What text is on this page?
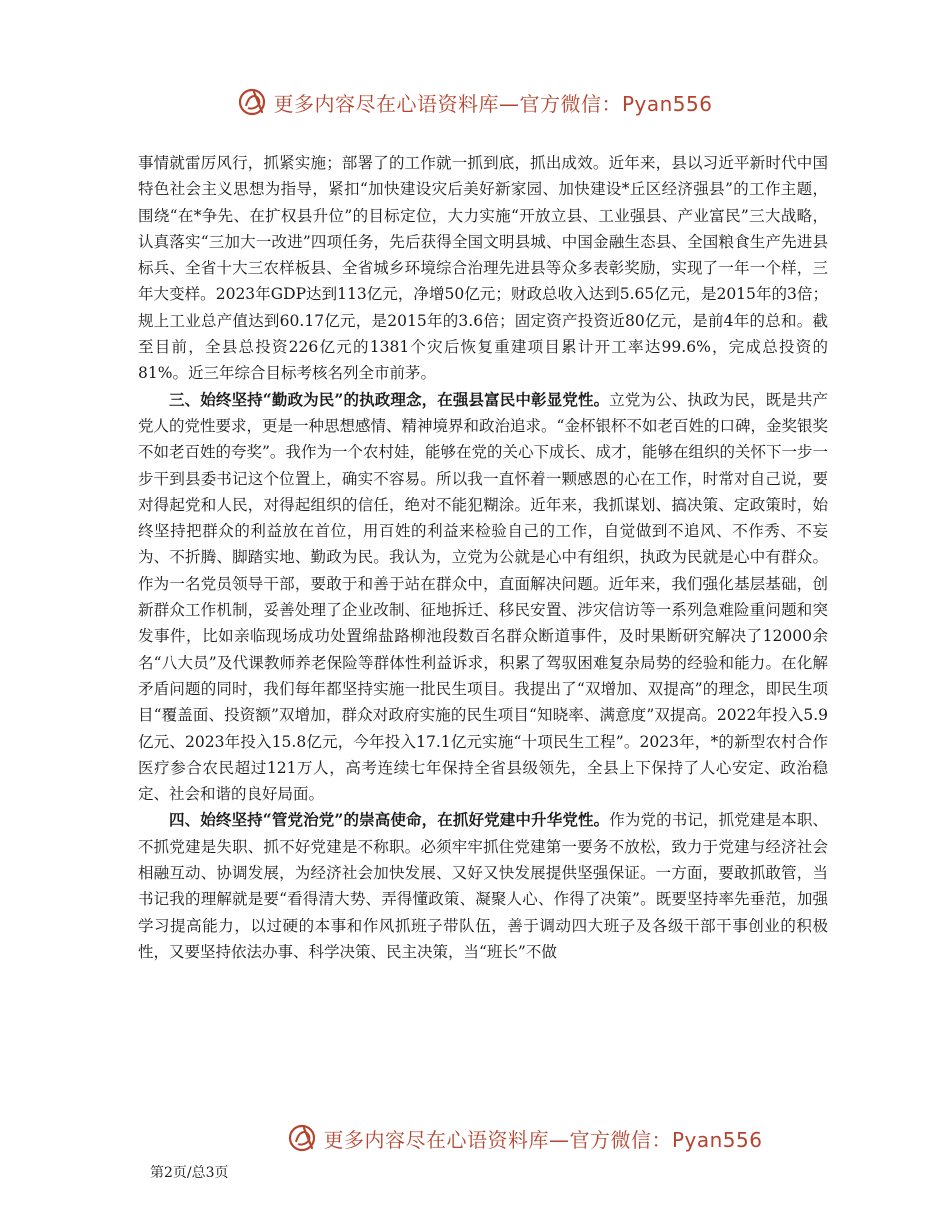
更多内容尽在心语资料库—官方微信：Pyan556

事情就雷厉风行，抓紧实施；部署了的工作就一抓到底，抓出成效。近年来，县以习近平新时代中国特色社会主义思想为指导，紧扣“加快建设灾后美好新家园、加快建设*丘区经济强县”的工作主题，围绕“在*争先、在扩权县升位”的目标定位，大力实施“开放立县、工业强县、产业富民”三大战略，认真落实“三加大一改进”四项任务，先后获得全国文明县城、中国金融生态县、全国粮食生产先进县标兵、全省十大三农样板县、全省城乡环境综合治理先进县等众多表彰奖励，实现了一年一个样，三年大变样。2023年GDP达到113亿元，净增50亿元；财政总收入达到5.65亿元，是2015年的3倍；规上工业总产值达到60.17亿元，是2015年的3.6倍；固定资产投资近80亿元，是前4年的总和。截至目前，全县总投资226亿元的1381个灾后恢复重建项目累计开工率达99.6%，完成总投资的81%。近三年综合目标考核名列全市前茅。

三、始终坚持“勤政为民”的执政理念，在强县富民中彰显党性。立党为公、执政为民，既是共产党人的党性要求，更是一种思想感情、精神境界和政治追求。“金杯银杯不如老百姓的口碑，金奖银奖不如老百姓的夸奖”。我作为一个农村娃，能够在党的关心下成长、成才，能够在组织的关怀下一步一步干到县委书记这个位置上，确实不容易。所以我一直怀着一颗感恩的心在工作，时常对自己说，要对得起党和人民，对得起组织的信任，绝对不能犯糊涂。近年来，我抓谋划、搞决策、定政策时，始终坚持把群众的利益放在首位，用百姓的利益来检验自己的工作，自觉做到不追风、不作秀、不妄为、不折腾、脚踏实地、勤政为民。我认为，立党为公就是心中有组织，执政为民就是心中有群众。作为一名党员领导干部，要敢于和善于站在群众中，直面解决问题。近年来，我们强化基层基础，创新群众工作机制，妥善处理了企业改制、征地拆迁、移民安置、涉灾信访等一系列急难险重问题和突发事件，比如亲临现场成功处置绵盐路柳池段数百名群众断道事件，及时果断研究解决了12000余名“八大员”及代课教师养老保险等群体性利益诉求，积累了驾驭困难复杂局势的经验和能力。在化解矛盾问题的同时，我们每年都坚持实施一批民生项目。我提出了“双增加、双提高”的理念，即民生项目“覆盖面、投资额”双增加，群众对政府实施的民生项目“知晓率、满意度”双提高。2022年投入5.9亿元、2023年投入15.8亿元，今年投入17.1亿元实施“十项民生工程”。2023年，*的新型农村合作医疗参合农民超过121万人，高考连续七年保持全省县级领先，全县上下保持了人心安定、政治稳定、社会和谐的良好局面。

四、始终坚持“管党治党”的崇高使命，在抓好党建中升华党性。作为党的书记，抓党建是本职、不抓党建是失职、抓不好党建是不称职。必须牢牢抓住党建第一要务不放松，致力于党建与经济社会相融互动、协调发展，为经济社会加快发展、又好又快发展提供坚强保证。一方面，要敢抓敢管，当书记我的理解就是要“看得清大势、弄得懂政策、凝聚人心、作得了决策”。既要坚持率先垂范，加强学习提高能力，以过硬的本事和作风抓班子带队伍，善于调动四大班子及各级干部干事创业的积极性，又要坚持依法办事、科学决策、民主决策，当“班长”不做

更多内容尽在心语资料库—官方微信：Pyan556
第2页/总3页
